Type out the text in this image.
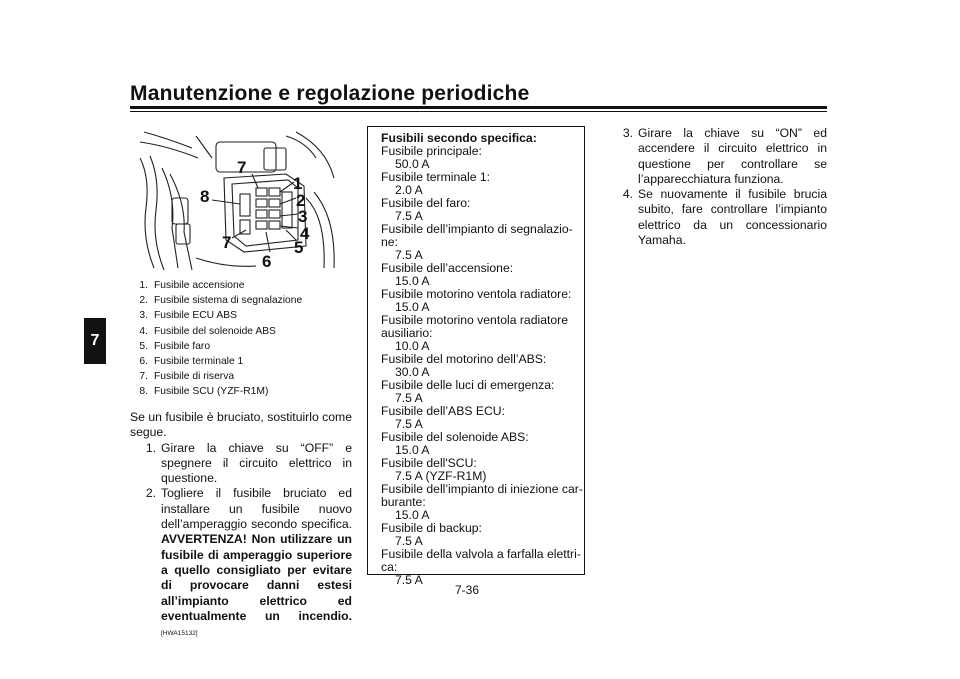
Manutenzione e regolazione periodiche
7
7
8
7
6
1
2
3
4
5
1. Fusibile accensione
2. Fusibile sistema di segnalazione
3. Fusibile ECU ABS
4. Fusibile del solenoide ABS
5. Fusibile faro
6. Fusibile terminale 1
7. Fusibile di riserva
8. Fusibile SCU (YZF-R1M)
Se un fusibile è bruciato, sostituirlo come segue.
1. Girare la chiave su “OFF” e spegnere il circuito elettrico in questione.
2. Togliere il fusibile bruciato ed installare un fusibile nuovo dell’amperaggio secondo specifica. AVVERTENZA! Non utilizzare un fusibile di amperaggio superiore a quello consigliato per evitare di provocare danni estesi all’impianto elettrico ed eventualmente un incendio.[HWA15132]
Fusibili secondo specifica:
Fusibile principale:
50.0 A
Fusibile terminale 1:
2.0 A
Fusibile del faro:
7.5 A
Fusibile dell’impianto di segnalazione:
7.5 A
Fusibile dell’accensione:
15.0 A
Fusibile motorino ventola radiatore:
15.0 A
Fusibile motorino ventola radiatore ausiliario:
10.0 A
Fusibile del motorino dell’ABS:
30.0 A
Fusibile delle luci di emergenza:
7.5 A
Fusibile dell’ABS ECU:
7.5 A
Fusibile del solenoide ABS:
15.0 A
Fusibile dell'SCU:
7.5 A (YZF-R1M)
Fusibile dell’impianto di iniezione carburante:
15.0 A
Fusibile di backup:
7.5 A
Fusibile della valvola a farfalla elettrica:
7.5 A
3. Girare la chiave su “ON” ed accendere il circuito elettrico in questione per controllare se l’apparecchiatura funziona.
4. Se nuovamente il fusibile brucia subito, fare controllare l’impianto elettrico da un concessionario Yamaha.
7-36
